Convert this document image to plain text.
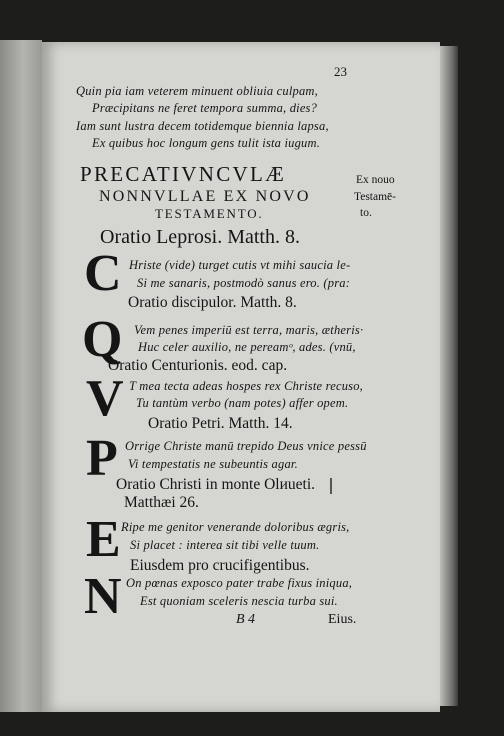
23
Quin pia iam veterem minuent obliuia culpam,
Præcipitans ne feret tempora summa, dies?
Iam sunt lustra decem totidemque biennia lapsa,
Ex quibus hoc longum gens tulit ista iugum.
PRECATIVNCVLÆ
NONNVLLAE EX NOVO
TESTAMENTO.
Ex nouo
Testamē-
to.
Oratio Leprosi. Matth. 8.
C Hriste (vide) turget cutis vt mihi saucia le-
Si me sanaris, postmodò sanus ero. (pra:
Oratio discipulor. Matth. 8.
Q Vem penes imperiū est terra, maris, ætheris·
Huc celer auxilio, ne pereamᵒ, ades. (vnū,
Oratio Centurionis. eod. cap.
V T mea tecta adeas hospes rex Christe recuso,
Tu tantùm verbo (nam potes) affer opem.
Oratio Petri. Matth. 14.
P Orrige Christe manū trepido Deus vnice pessū
Vi tempestatis ne subeuntis agar.
Oratio Christi in monte Olиueti.
Matthæi 26.
E Ripe me genitor venerande doloribus ægris,
Si placet : interea sit tibi velle tuum.
Eiusdem pro crucifigentibus.
N On pœnas exposco pater trabe fixus iniqua,
Est quoniam sceleris nescia turba sui.
B 4	Eius.
